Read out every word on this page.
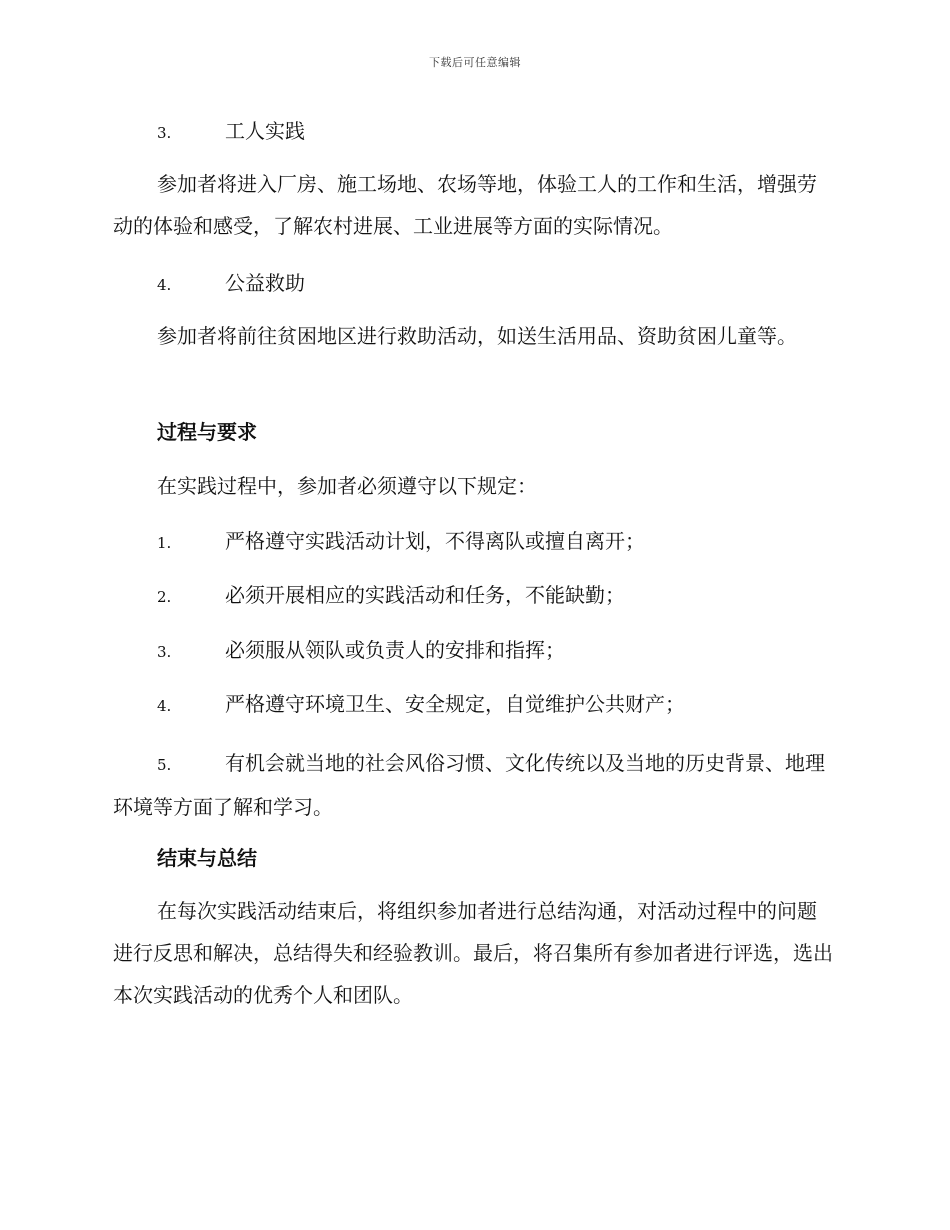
下载后可任意编辑
3.	工人实践

参加者将进入厂房、施工场地、农场等地，体验工人的工作和生活，增强劳动的体验和感受，了解农村进展、工业进展等方面的实际情况。

4.	公益救助

参加者将前往贫困地区进行救助活动，如送生活用品、资助贫困儿童等。

过程与要求

在实践过程中，参加者必须遵守以下规定：

1.	严格遵守实践活动计划，不得离队或擅自离开；
2.	必须开展相应的实践活动和任务，不能缺勤；
3.	必须服从领队或负责人的安排和指挥；
4.	严格遵守环境卫生、安全规定，自觉维护公共财产；
5.	有机会就当地的社会风俗习惯、文化传统以及当地的历史背景、地理环境等方面了解和学习。
结束与总结

在每次实践活动结束后，将组织参加者进行总结沟通，对活动过程中的问题进行反思和解决，总结得失和经验教训。最后，将召集所有参加者进行评选，选出本次实践活动的优秀个人和团队。
